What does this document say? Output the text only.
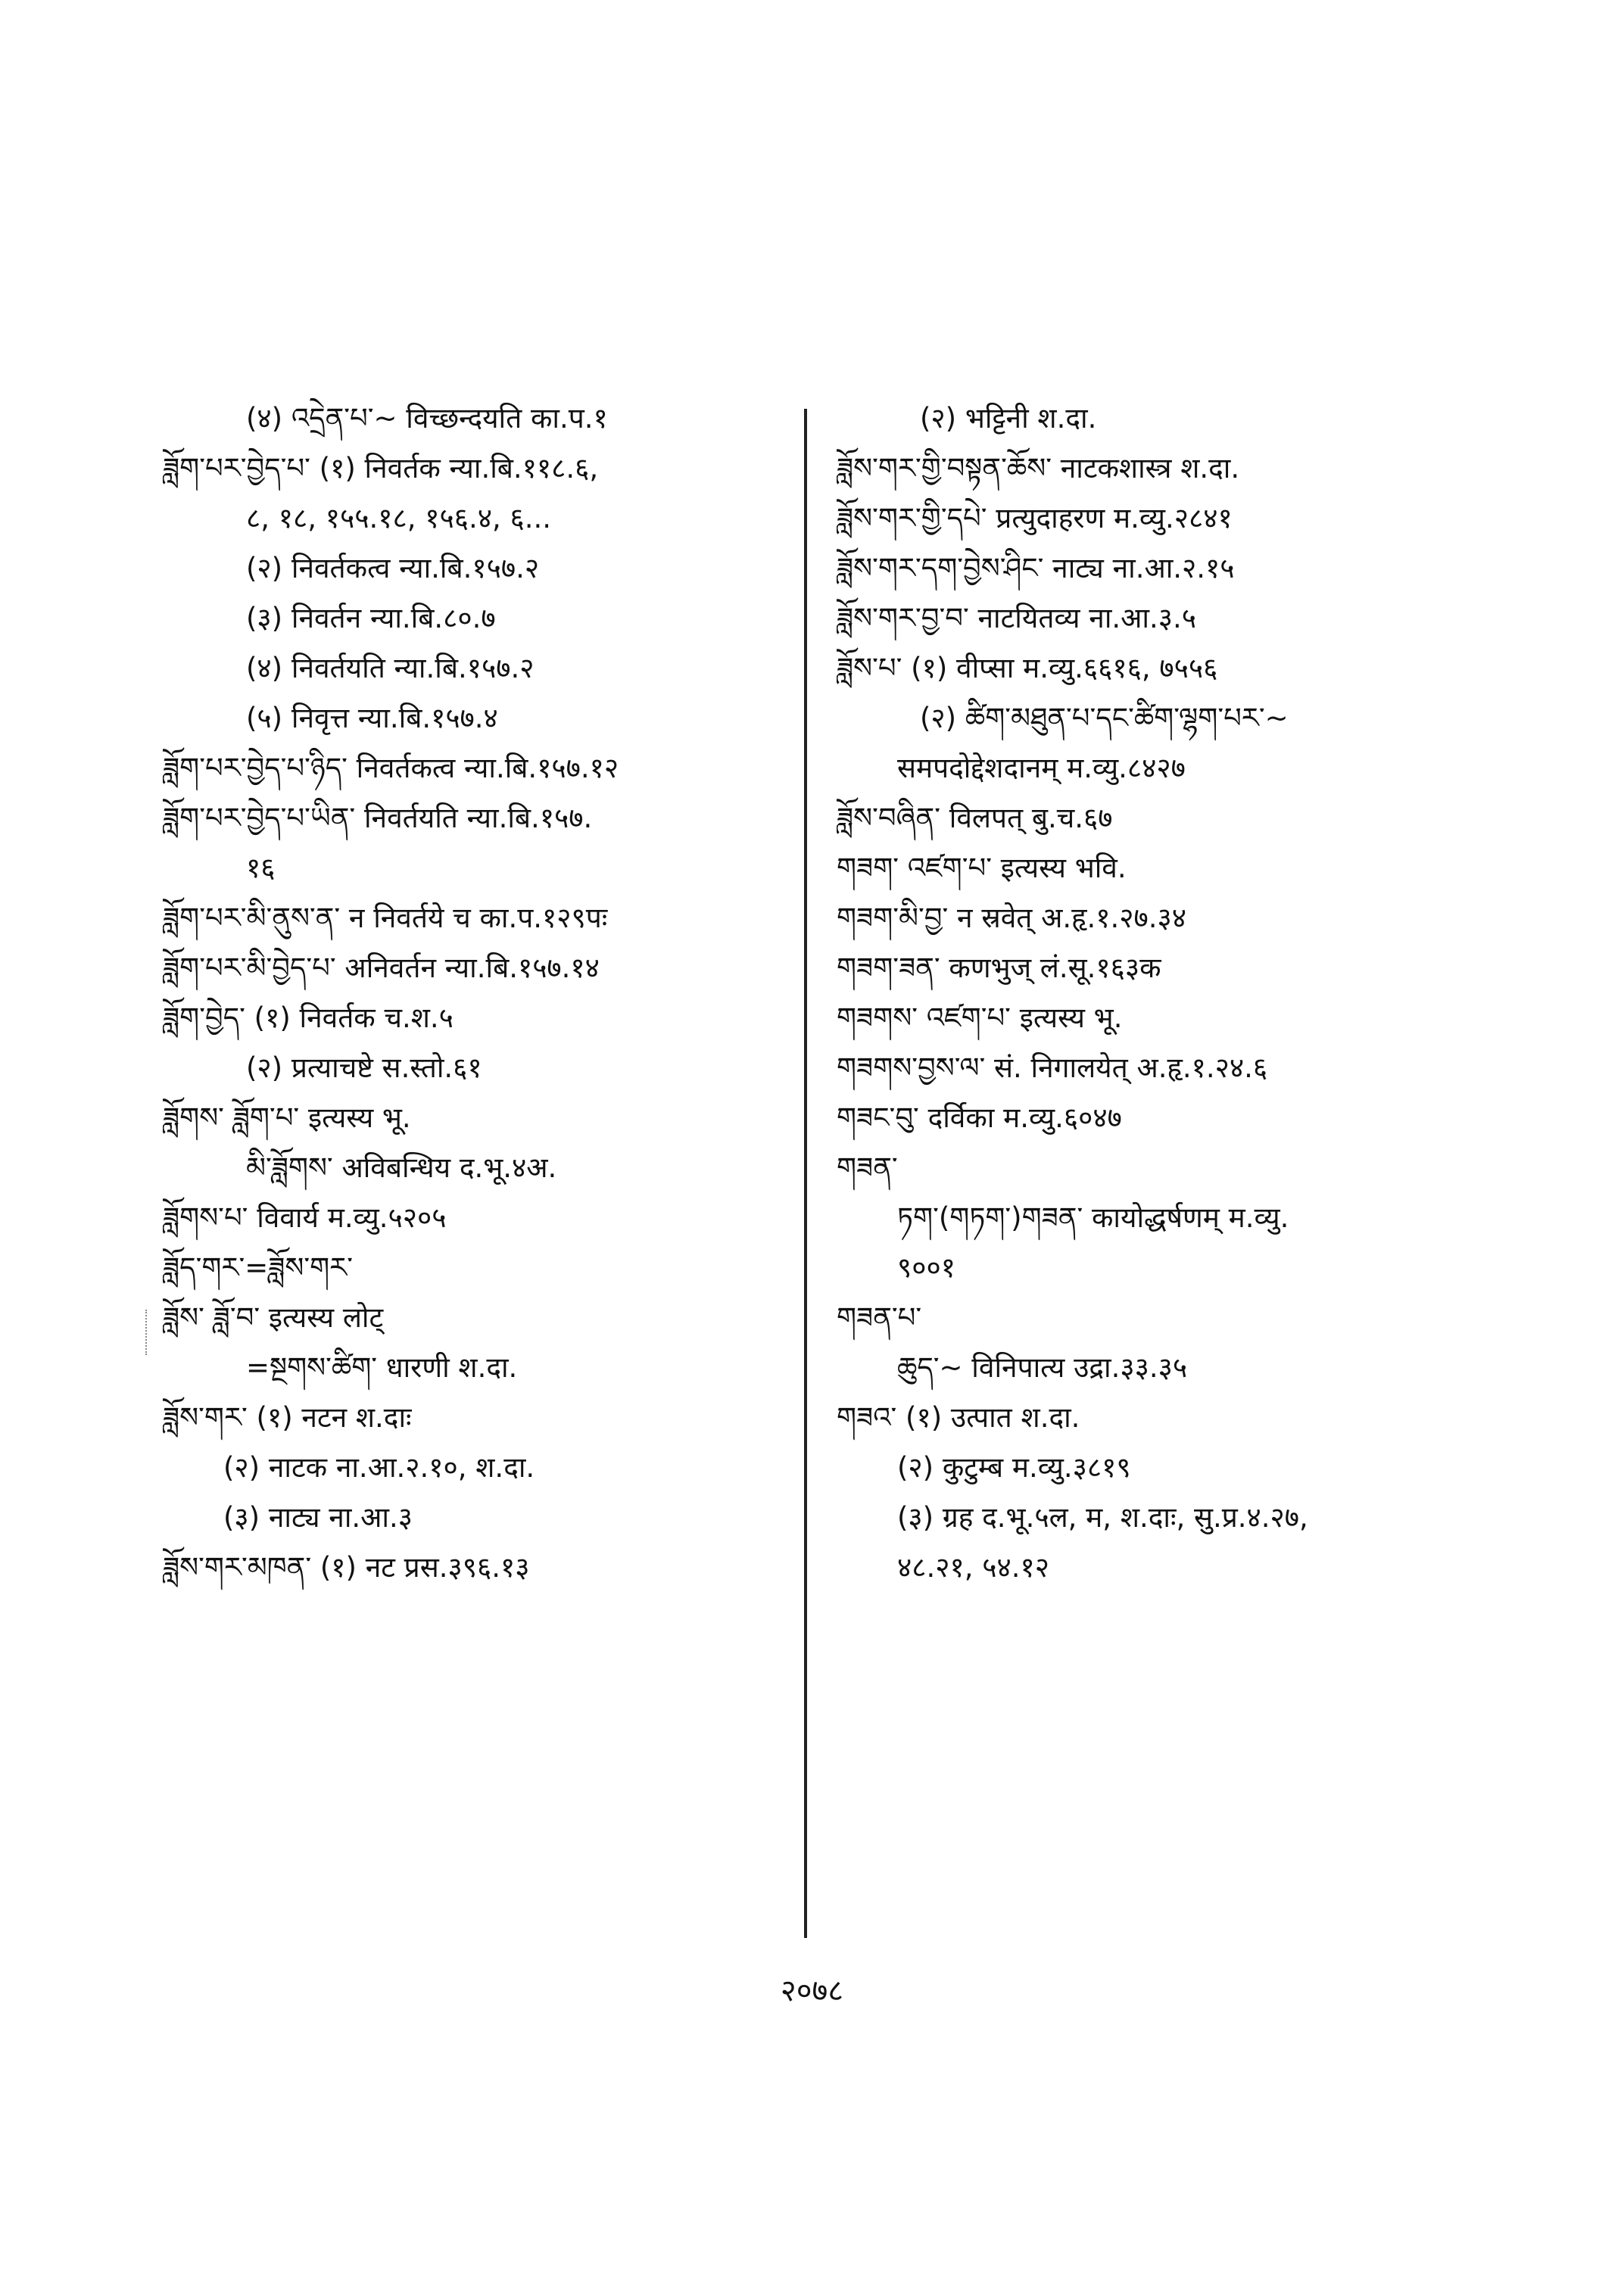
(४) འདྲེན་པ་~ विच्छन्दयति का.प.१
ཟློག་པར་བྱེད་པ་ (१) निवर्तक न्या.बि.११८.६,
८, १८, १५५.१८, १५६.४, ६...
(२) निवर्तकत्व न्या.बि.१५७.२
(३) निवर्तन न्या.बि.८०.७
(४) निवर्तयति न्या.बि.१५७.२
(५) निवृत्त न्या.बि.१५७.४
ཟློག་པར་བྱེད་པ་ཉིད་ निवर्तकत्व न्या.बि.१५७.१२
ཟློག་པར་བྱེད་པ་ཡིན་ निवर्तयति न्या.बि.१५७.
१६
ཟློག་པར་མི་ནུས་ན་ न निवर्तये च का.प.१२९पः
ཟློག་པར་མི་བྱེད་པ་ अनिवर्तन न्या.बि.१५७.१४
ཟློག་བྱེད་ (१) निवर्तक च.श.५
(२) प्रत्याचष्टे स.स्तो.६१
ཟློགས་ ཟློག་པ་ इत्यस्य भू.
མི་ཟློགས་ अविबन्धिय द.भू.४अ.
ཟློགས་པ་ विवार्य म.व्यु.५२०५
ཟློད་གར་=ཟློས་གར་
ཟློས་ ཟློ་བ་ इत्यस्य लोट्
=སྔགས་ཚིག་ धारणी श.दा.
ཟློས་གར་ (१) नटन श.दाः
(२) नाटक ना.आ.२.१०, श.दा.
(३) नाट्य ना.आ.३
ཟློས་གར་མཁན་ (१) नट प्रस.३९६.१३
(२) भट्टिनी श.दा.
ཟློས་གར་གྱི་བསྟན་ཆོས་ नाटकशास्त्र श.दा.
ཟློས་གར་གྱི་དཔེ་ प्रत्युदाहरण म.व्यु.२८४१
ཟློས་གར་དག་བྱེས་ཤིང་ नाट्य ना.आ.२.१५
ཟློས་གར་བྱ་བ་ नाटयितव्य ना.आ.३.५
ཟློས་པ་ (१) वीप्सा म.व्यु.६६१६, ७५५६
(२) ཚིག་མཐུན་པ་དང་ཚིག་ལྷག་པར་~
समपदोद्देशदानम् म.व्यु.८४२७
ཟློས་བཞིན་ विलपत् बु.च.६७
གཟག་ འཛག་པ་ इत्यस्य भवि.
གཟག་མི་བྱ་ न स्रवेत् अ.हृ.१.२७.३४
གཟག་ཟན་ कणभुज् लं.सू.१६३क
གཟགས་ འཛག་པ་ इत्यस्य भू.
གཟགས་བྱས་ལ་ सं. निगालयेत् अ.हृ.१.२४.६
གཟང་བུ་ दर्विका म.व्यु.६०४७
གཟན་
ཏག་(གཏག་)གཟན་ कायोद्धर्षणम् म.व्यु.
९००१
གཟན་པ་
ཆུད་~ विनिपात्य उद्रा.३३.३५
གཟའ་ (१) उत्पात श.दा.
(२) कुटुम्ब म.व्यु.३८१९
(३) ग्रह द.भू.५ल, म, श.दाः, सु.प्र.४.२७,
४८.२१, ५४.१२
२०७८
